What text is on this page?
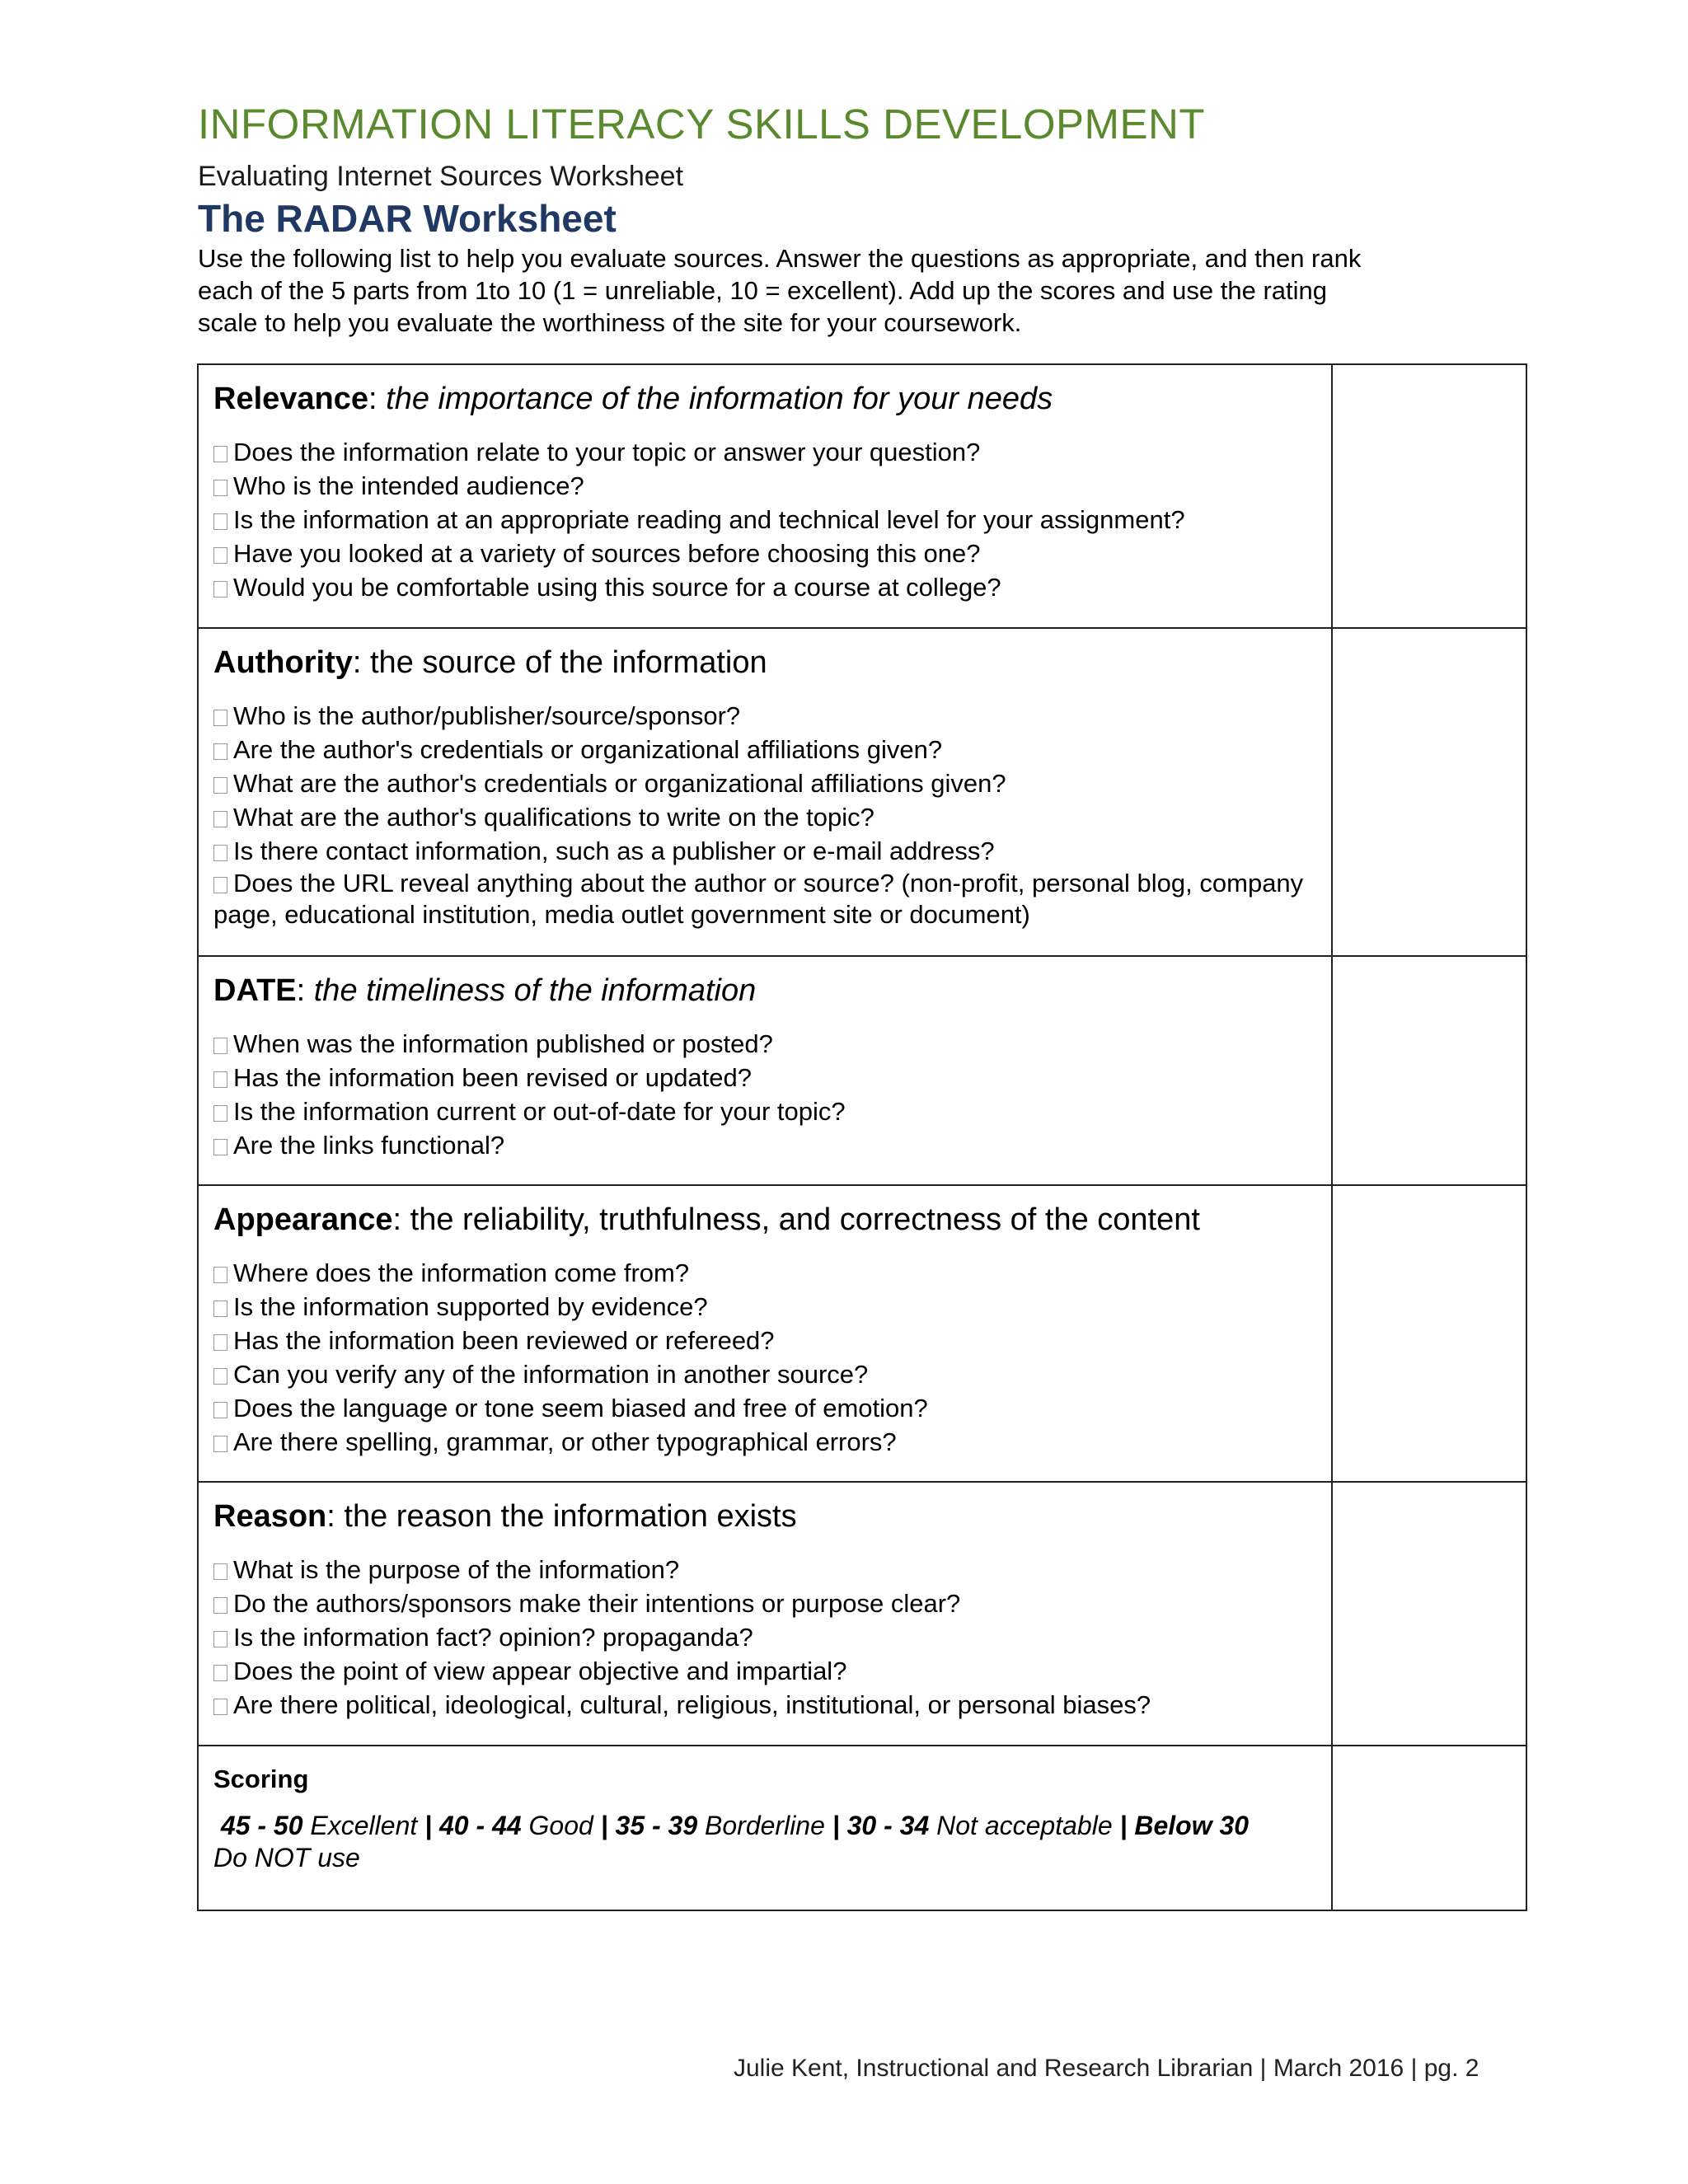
INFORMATION LITERACY SKILLS DEVELOPMENT
Evaluating Internet Sources Worksheet
The RADAR Worksheet
Use the following list to help you evaluate sources. Answer the questions as appropriate, and then rank
each of the 5 parts from 1to 10 (1 = unreliable, 10 = excellent). Add up the scores and use the rating
scale to help you evaluate the worthiness of the site for your coursework.
Relevance: the importance of the information for your needs
Does the information relate to your topic or answer your question?
Who is the intended audience?
Is the information at an appropriate reading and technical level for your assignment?
Have you looked at a variety of sources before choosing this one?
Would you be comfortable using this source for a course at college?
Authority: the source of the information
Who is the author/publisher/source/sponsor?
Are the author's credentials or organizational affiliations given?
What are the author's credentials or organizational affiliations given?
What are the author's qualifications to write on the topic?
Is there contact information, such as a publisher or e-mail address?
Does the URL reveal anything about the author or source? (non-profit, personal blog, company page, educational institution, media outlet government site or document)
DATE: the timeliness of the information
When was the information published or posted?
Has the information been revised or updated?
Is the information current or out-of-date for your topic?
Are the links functional?
Appearance: the reliability, truthfulness, and correctness of the content
Where does the information come from?
Is the information supported by evidence?
Has the information been reviewed or refereed?
Can you verify any of the information in another source?
Does the language or tone seem biased and free of emotion?
Are there spelling, grammar, or other typographical errors?
Reason: the reason the information exists
What is the purpose of the information?
Do the authors/sponsors make their intentions or purpose clear?
Is the information fact? opinion? propaganda?
Does the point of view appear objective and impartial?
Are there political, ideological, cultural, religious, institutional, or personal biases?
Scoring
45 - 50 Excellent | 40 - 44 Good | 35 - 39 Borderline | 30 - 34 Not acceptable | Below 30
Do NOT use
Julie Kent, Instructional and Research Librarian | March 2016 | pg. 2
